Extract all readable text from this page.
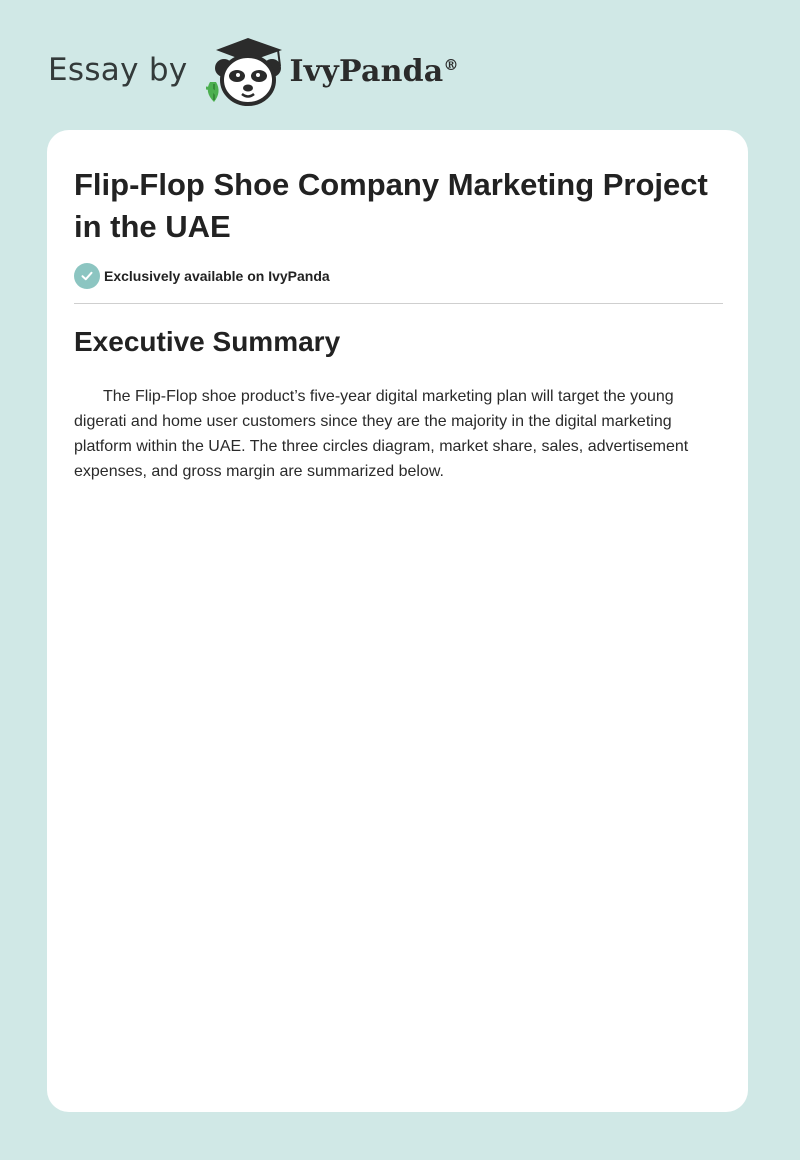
Essay by	IvyPanda®
Flip-Flop Shoe Company Marketing Project in the UAE
Exclusively available on IvyPanda
Executive Summary

The Flip-Flop shoe product’s five-year digital marketing plan will target the young digerati and home user customers since they are the majority in the digital marketing platform within the UAE. The three circles diagram, market share, sales, advertisement expenses, and gross margin are summarized below.
